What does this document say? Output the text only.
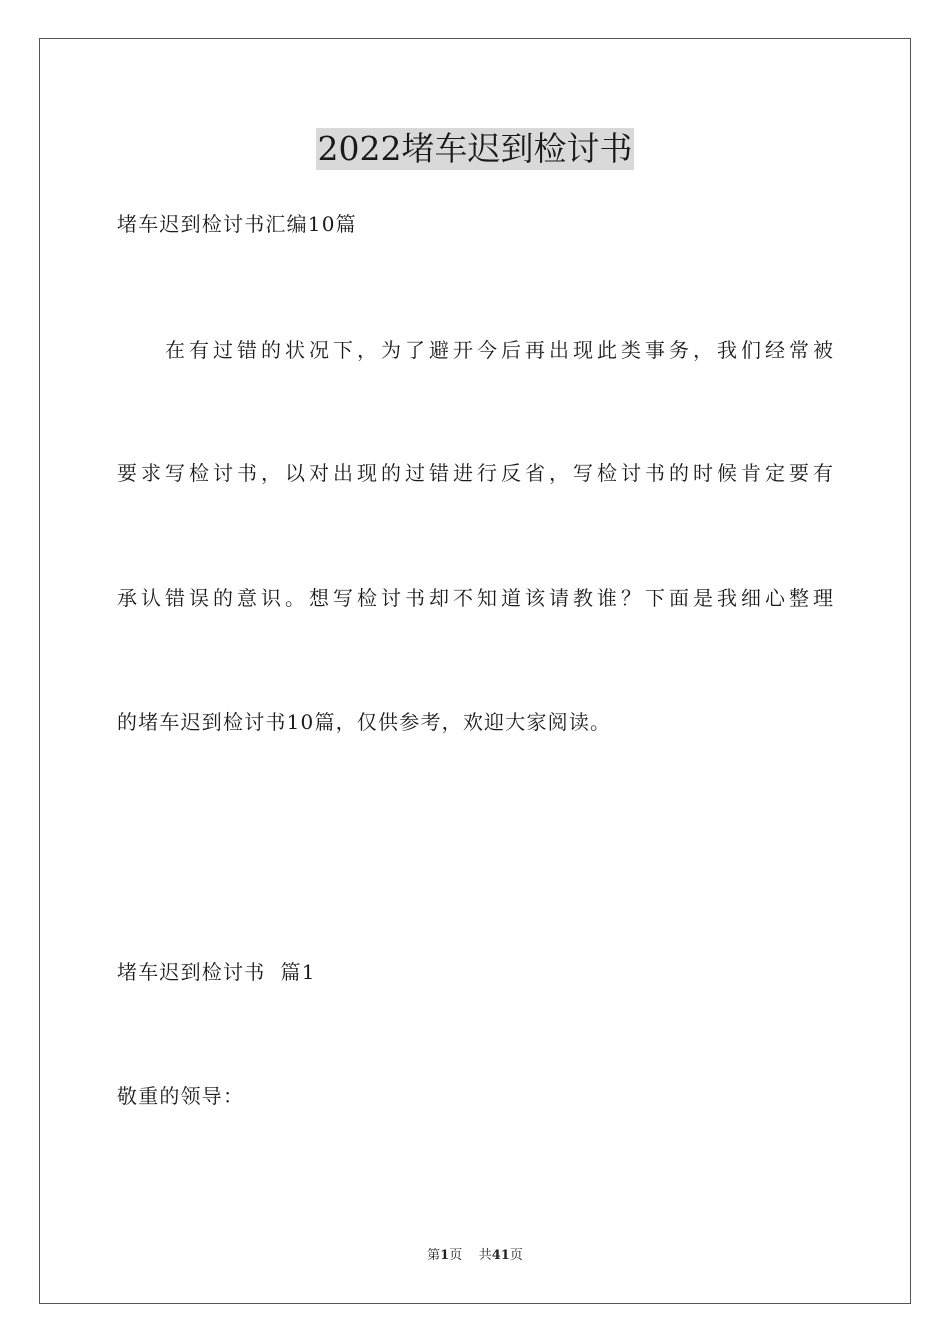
2022堵车迟到检讨书
堵车迟到检讨书汇编10篇
在有过错的状况下，为了避开今后再出现此类事务，我们经常被
要求写检讨书，以对出现的过错进行反省，写检讨书的时候肯定要有
承认错误的意识。想写检讨书却不知道该请教谁？下面是我细心整理
的堵车迟到检讨书10篇，仅供参考，欢迎大家阅读。
堵车迟到检讨书  篇1
敬重的领导：
第1页    共41页
